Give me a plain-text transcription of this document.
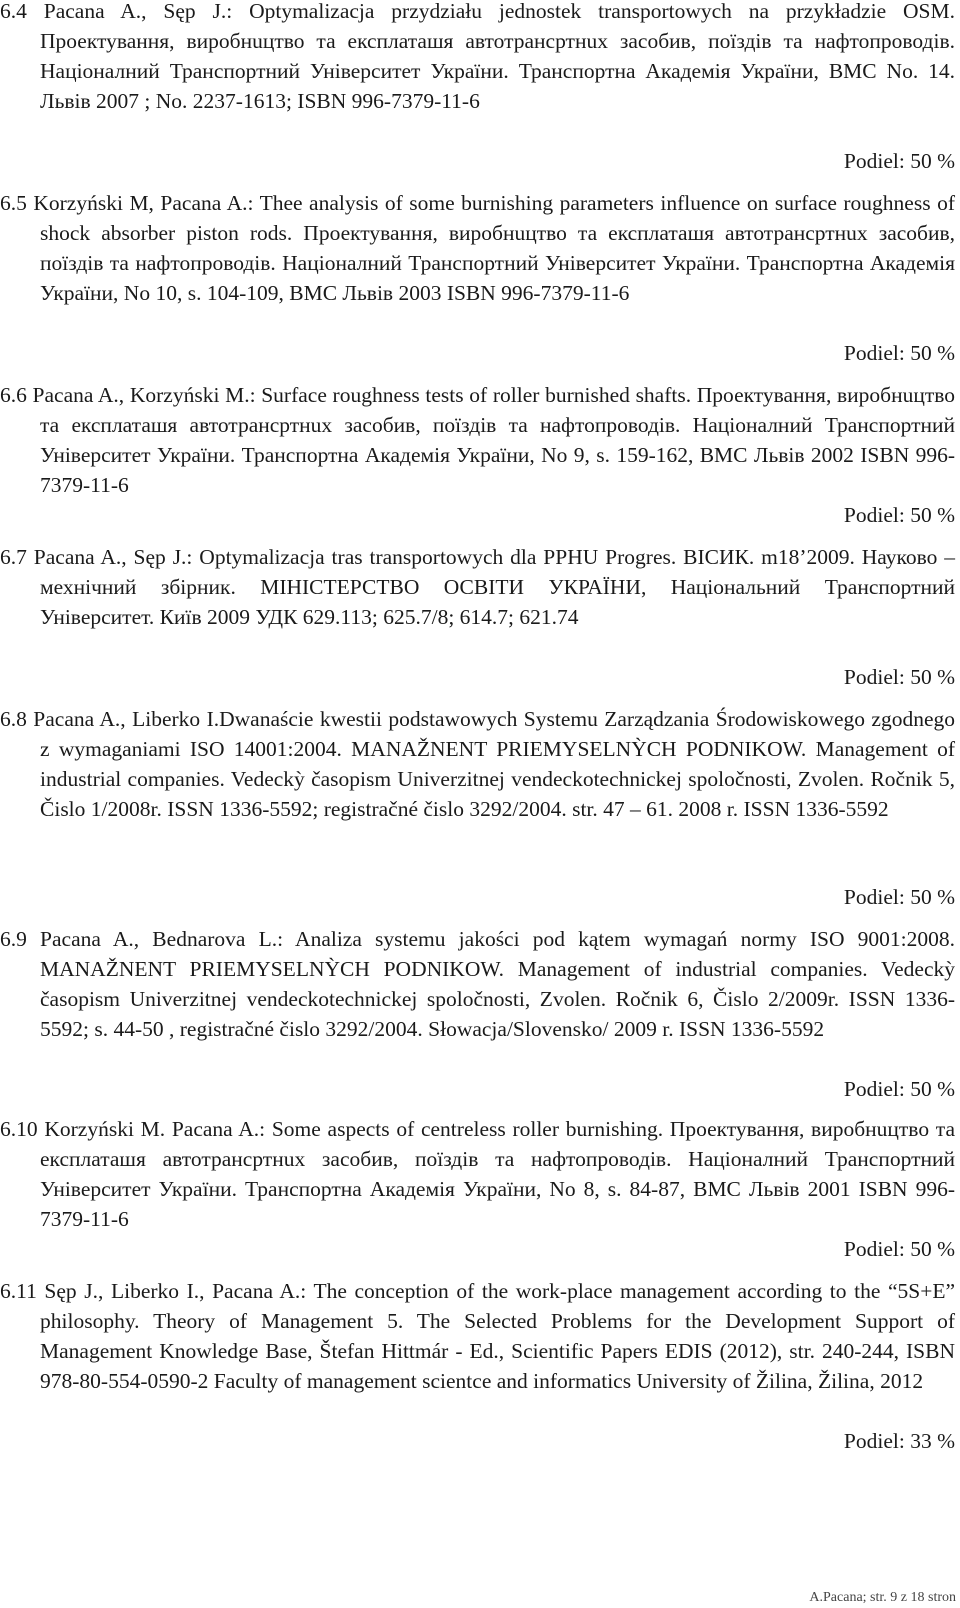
6.4 Pacana A., Sęp J.: Optymalizacja przydziału jednostek transportowych na przykładzie OSM. Проектування, виробнuцтво та експлаташя автотрансртнux засобив, поïздiв та нафтопроводiв. Націоналний Транспортний Унiверситет Украïни. Транспортна Академія Украïни, ВМС No. 14. Львiв 2007 ; No. 2237-1613; ISBN 996-7379-11-6
Podiel: 50 %
6.5 Korzyński M, Pacana A.: Thee analysis of some burnishing parameters influence on surface roughness of shock absorber piston rods. Проектування, виробнuцтво та експлаташя автотрансртнux засобив, поïздiв та нафтопроводiв. Націоналний Транспортний Унiверситет Украïни. Транспортна Академія Украïни, No 10, s. 104-109, ВМС Львiв 2003 ISBN 996-7379-11-6
Podiel: 50 %
6.6 Pacana A., Korzyński M.: Surface roughness tests of roller burnished shafts. Проектування, виробнuцтво та експлаташя автотрансртнux засобив, поïздiв та нафтопроводiв. Націоналний Транспортний Унiверситет Украïни. Транспортна Академія Украïни, No 9, s. 159-162, ВМС Львiв 2002 ISBN 996-7379-11-6
Podiel: 50 %
6.7 Pacana A., Sęp J.: Optymalizacja tras transportowych dla PPHU Progres. ВIСИК. m18’2009. Науково – мехнiчний збiрник. МIНIСТЕРСТВО ОСВIТИ УКРАÏНИ, Нацiональний Транспортний Унiверситет. Киïв 2009 УДК 629.113; 625.7/8; 614.7; 621.74
Podiel: 50 %
6.8 Pacana A., Liberko I.Dwanaście kwestii podstawowych Systemu Zarządzania Środowiskowego zgodnego z wymaganiami ISO 14001:2004. MANAŽNENT PRIEMYSELNỲCH PODNIKOW. Management of industrial companies. Vedeckỳ časopism Univerzitnej vendeckotechnickej spoločnosti, Zvolen. Ročnik 5, Čislo 1/2008r. ISSN 1336-5592; registračné čislo 3292/2004. str. 47 – 61. 2008 r. ISSN 1336-5592
Podiel: 50 %
6.9 Pacana A., Bednarova L.: Analiza systemu jakości pod kątem wymagań normy ISO 9001:2008. MANAŽNENT PRIEMYSELNỲCH PODNIKOW. Management of industrial companies. Vedeckỳ časopism Univerzitnej vendeckotechnickej spoločnosti, Zvolen. Ročnik 6, Čislo 2/2009r. ISSN 1336-5592; s. 44-50 , registračné čislo 3292/2004. Słowacja/Slovensko/ 2009 r. ISSN 1336-5592
Podiel: 50 %
6.10 Korzyński M. Pacana A.: Some aspects of centreless roller burnishing. Проектування, виробнuцтво та експлаташя автотрансртнux засобив, поïздiв та нафтопроводiв. Націоналний Транспортний Унiверситет Украïни. Транспортна Академія Украïни, No 8, s. 84-87, ВМС Львiв 2001 ISBN 996-7379-11-6
Podiel: 50 %
6.11 Sęp J., Liberko I., Pacana A.: The conception of the work-place management according to the “5S+E” philosophy. Theory of Management 5. The Selected Problems for the Development Support of Management Knowledge Base, Štefan Hittmár - Ed., Scientific Papers EDIS (2012), str. 240-244, ISBN 978-80-554-0590-2 Faculty of management scientce and informatics University of Žilina, Žilina, 2012
Podiel: 33 %
A.Pacana; str. 9 z 18 stron
